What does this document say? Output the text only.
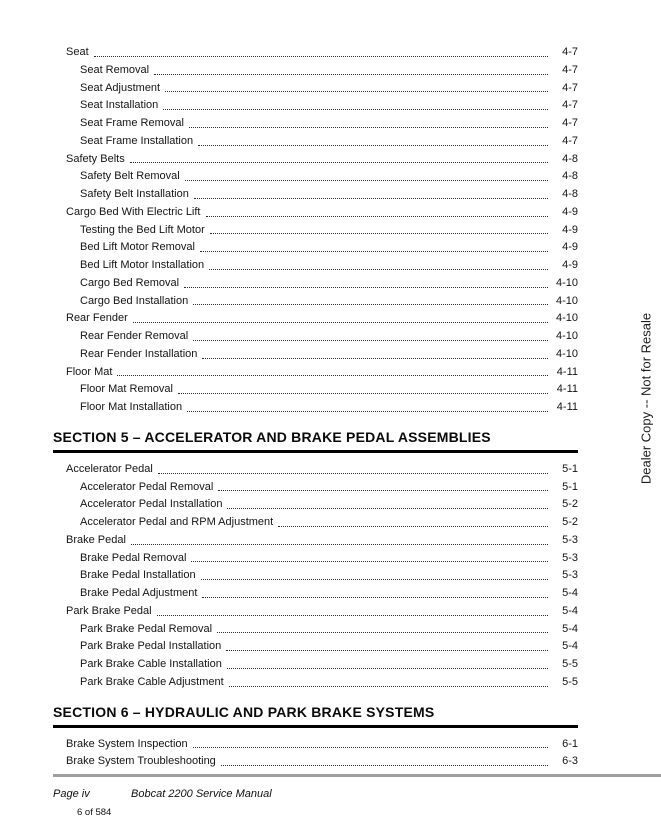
Seat	4-7
Seat Removal	4-7
Seat Adjustment	4-7
Seat Installation	4-7
Seat Frame Removal	4-7
Seat Frame Installation	4-7
Safety Belts	4-8
Safety Belt Removal	4-8
Safety Belt Installation	4-8
Cargo Bed With Electric Lift	4-9
Testing the Bed Lift Motor	4-9
Bed Lift Motor Removal	4-9
Bed Lift Motor Installation	4-9
Cargo Bed Removal	4-10
Cargo Bed Installation	4-10
Rear Fender	4-10
Rear Fender Removal	4-10
Rear Fender Installation	4-10
Floor Mat	4-11
Floor Mat Removal	4-11
Floor Mat Installation	4-11
SECTION 5 – ACCELERATOR AND BRAKE PEDAL ASSEMBLIES
Accelerator Pedal	5-1
Accelerator Pedal Removal	5-1
Accelerator Pedal Installation	5-2
Accelerator Pedal and RPM Adjustment	5-2
Brake Pedal	5-3
Brake Pedal Removal	5-3
Brake Pedal Installation	5-3
Brake Pedal Adjustment	5-4
Park Brake Pedal	5-4
Park Brake Pedal Removal	5-4
Park Brake Pedal Installation	5-4
Park Brake Cable Installation	5-5
Park Brake Cable Adjustment	5-5
SECTION 6 – HYDRAULIC AND PARK BRAKE SYSTEMS
Brake System Inspection	6-1
Brake System Troubleshooting	6-3
Page iv	Bobcat 2200 Service Manual
6 of 584
Dealer Copy -- Not for Resale
